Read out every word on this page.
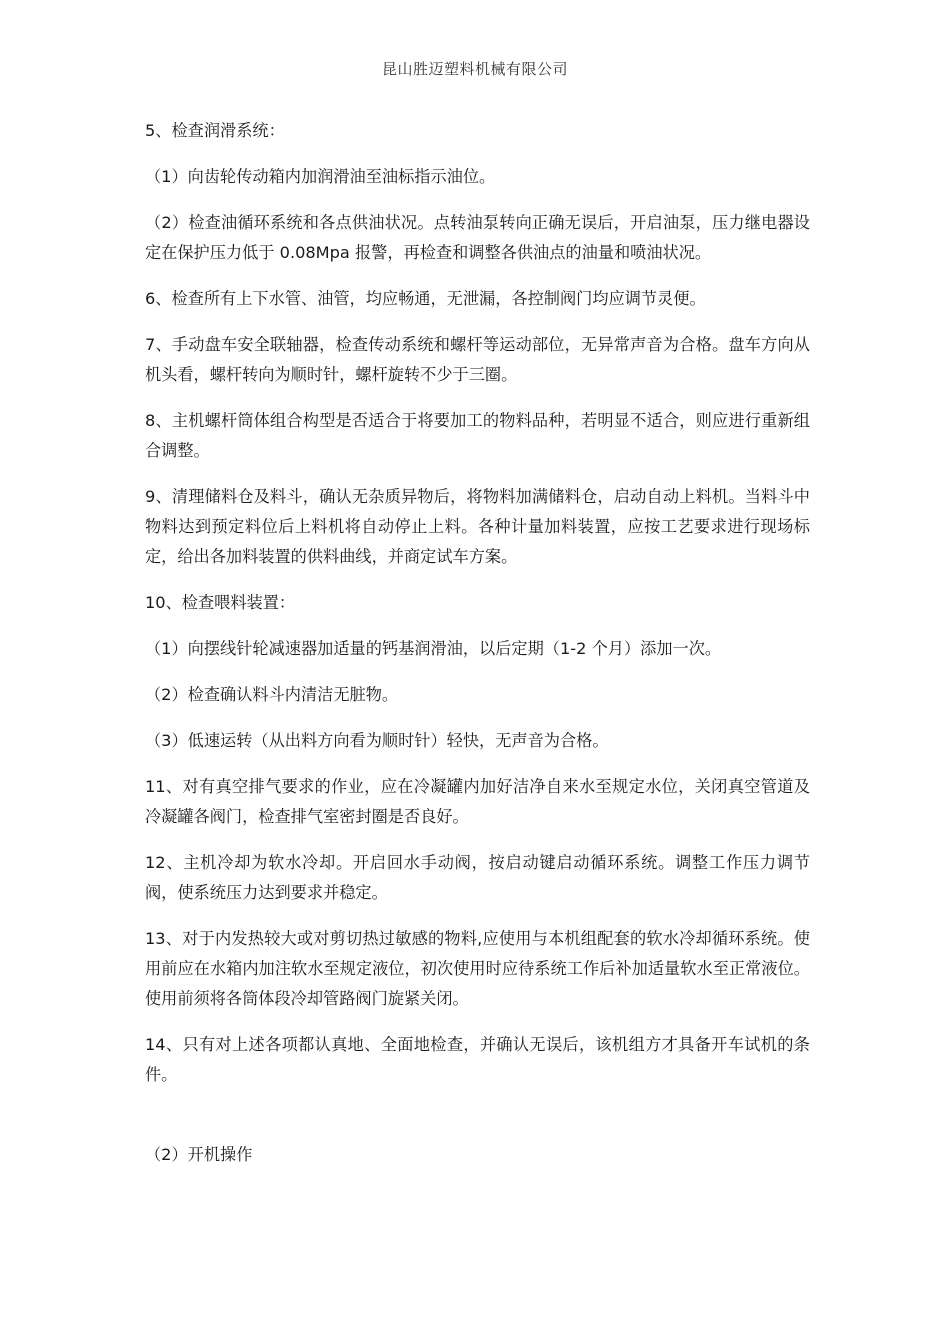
昆山胜迈塑料机械有限公司

5、检查润滑系统：

（1）向齿轮传动箱内加润滑油至油标指示油位。

（2）检查油循环系统和各点供油状况。点转油泵转向正确无误后，开启油泵，压力继电器设定在保护压力低于 0.08Mpa 报警，再检查和调整各供油点的油量和喷油状况。

6、检查所有上下水管、油管，均应畅通，无泄漏，各控制阀门均应调节灵便。

7、手动盘车安全联轴器，检查传动系统和螺杆等运动部位，无异常声音为合格。盘车方向从机头看，螺杆转向为顺时针，螺杆旋转不少于三圈。

8、主机螺杆筒体组合构型是否适合于将要加工的物料品种，若明显不适合，则应进行重新组合调整。

9、清理储料仓及料斗，确认无杂质异物后，将物料加满储料仓，启动自动上料机。当料斗中物料达到预定料位后上料机将自动停止上料。各种计量加料装置，应按工艺要求进行现场标定，给出各加料装置的供料曲线，并商定试车方案。

10、检查喂料装置：

（1）向摆线针轮减速器加适量的钙基润滑油，以后定期（1-2 个月）添加一次。

（2）检查确认料斗内清洁无脏物。

（3）低速运转（从出料方向看为顺时针）轻快，无声音为合格。

11、对有真空排气要求的作业，应在冷凝罐内加好洁净自来水至规定水位，关闭真空管道及冷凝罐各阀门，检查排气室密封圈是否良好。

12、主机冷却为软水冷却。开启回水手动阀，按启动键启动循环系统。调整工作压力调节阀，使系统压力达到要求并稳定。

13、对于内发热较大或对剪切热过敏感的物料,应使用与本机组配套的软水冷却循环系统。使用前应在水箱内加注软水至规定液位，初次使用时应待系统工作后补加适量软水至正常液位。使用前须将各筒体段冷却管路阀门旋紧关闭。

14、只有对上述各项都认真地、全面地检查，并确认无误后，该机组方才具备开车试机的条件。

（2）开机操作
